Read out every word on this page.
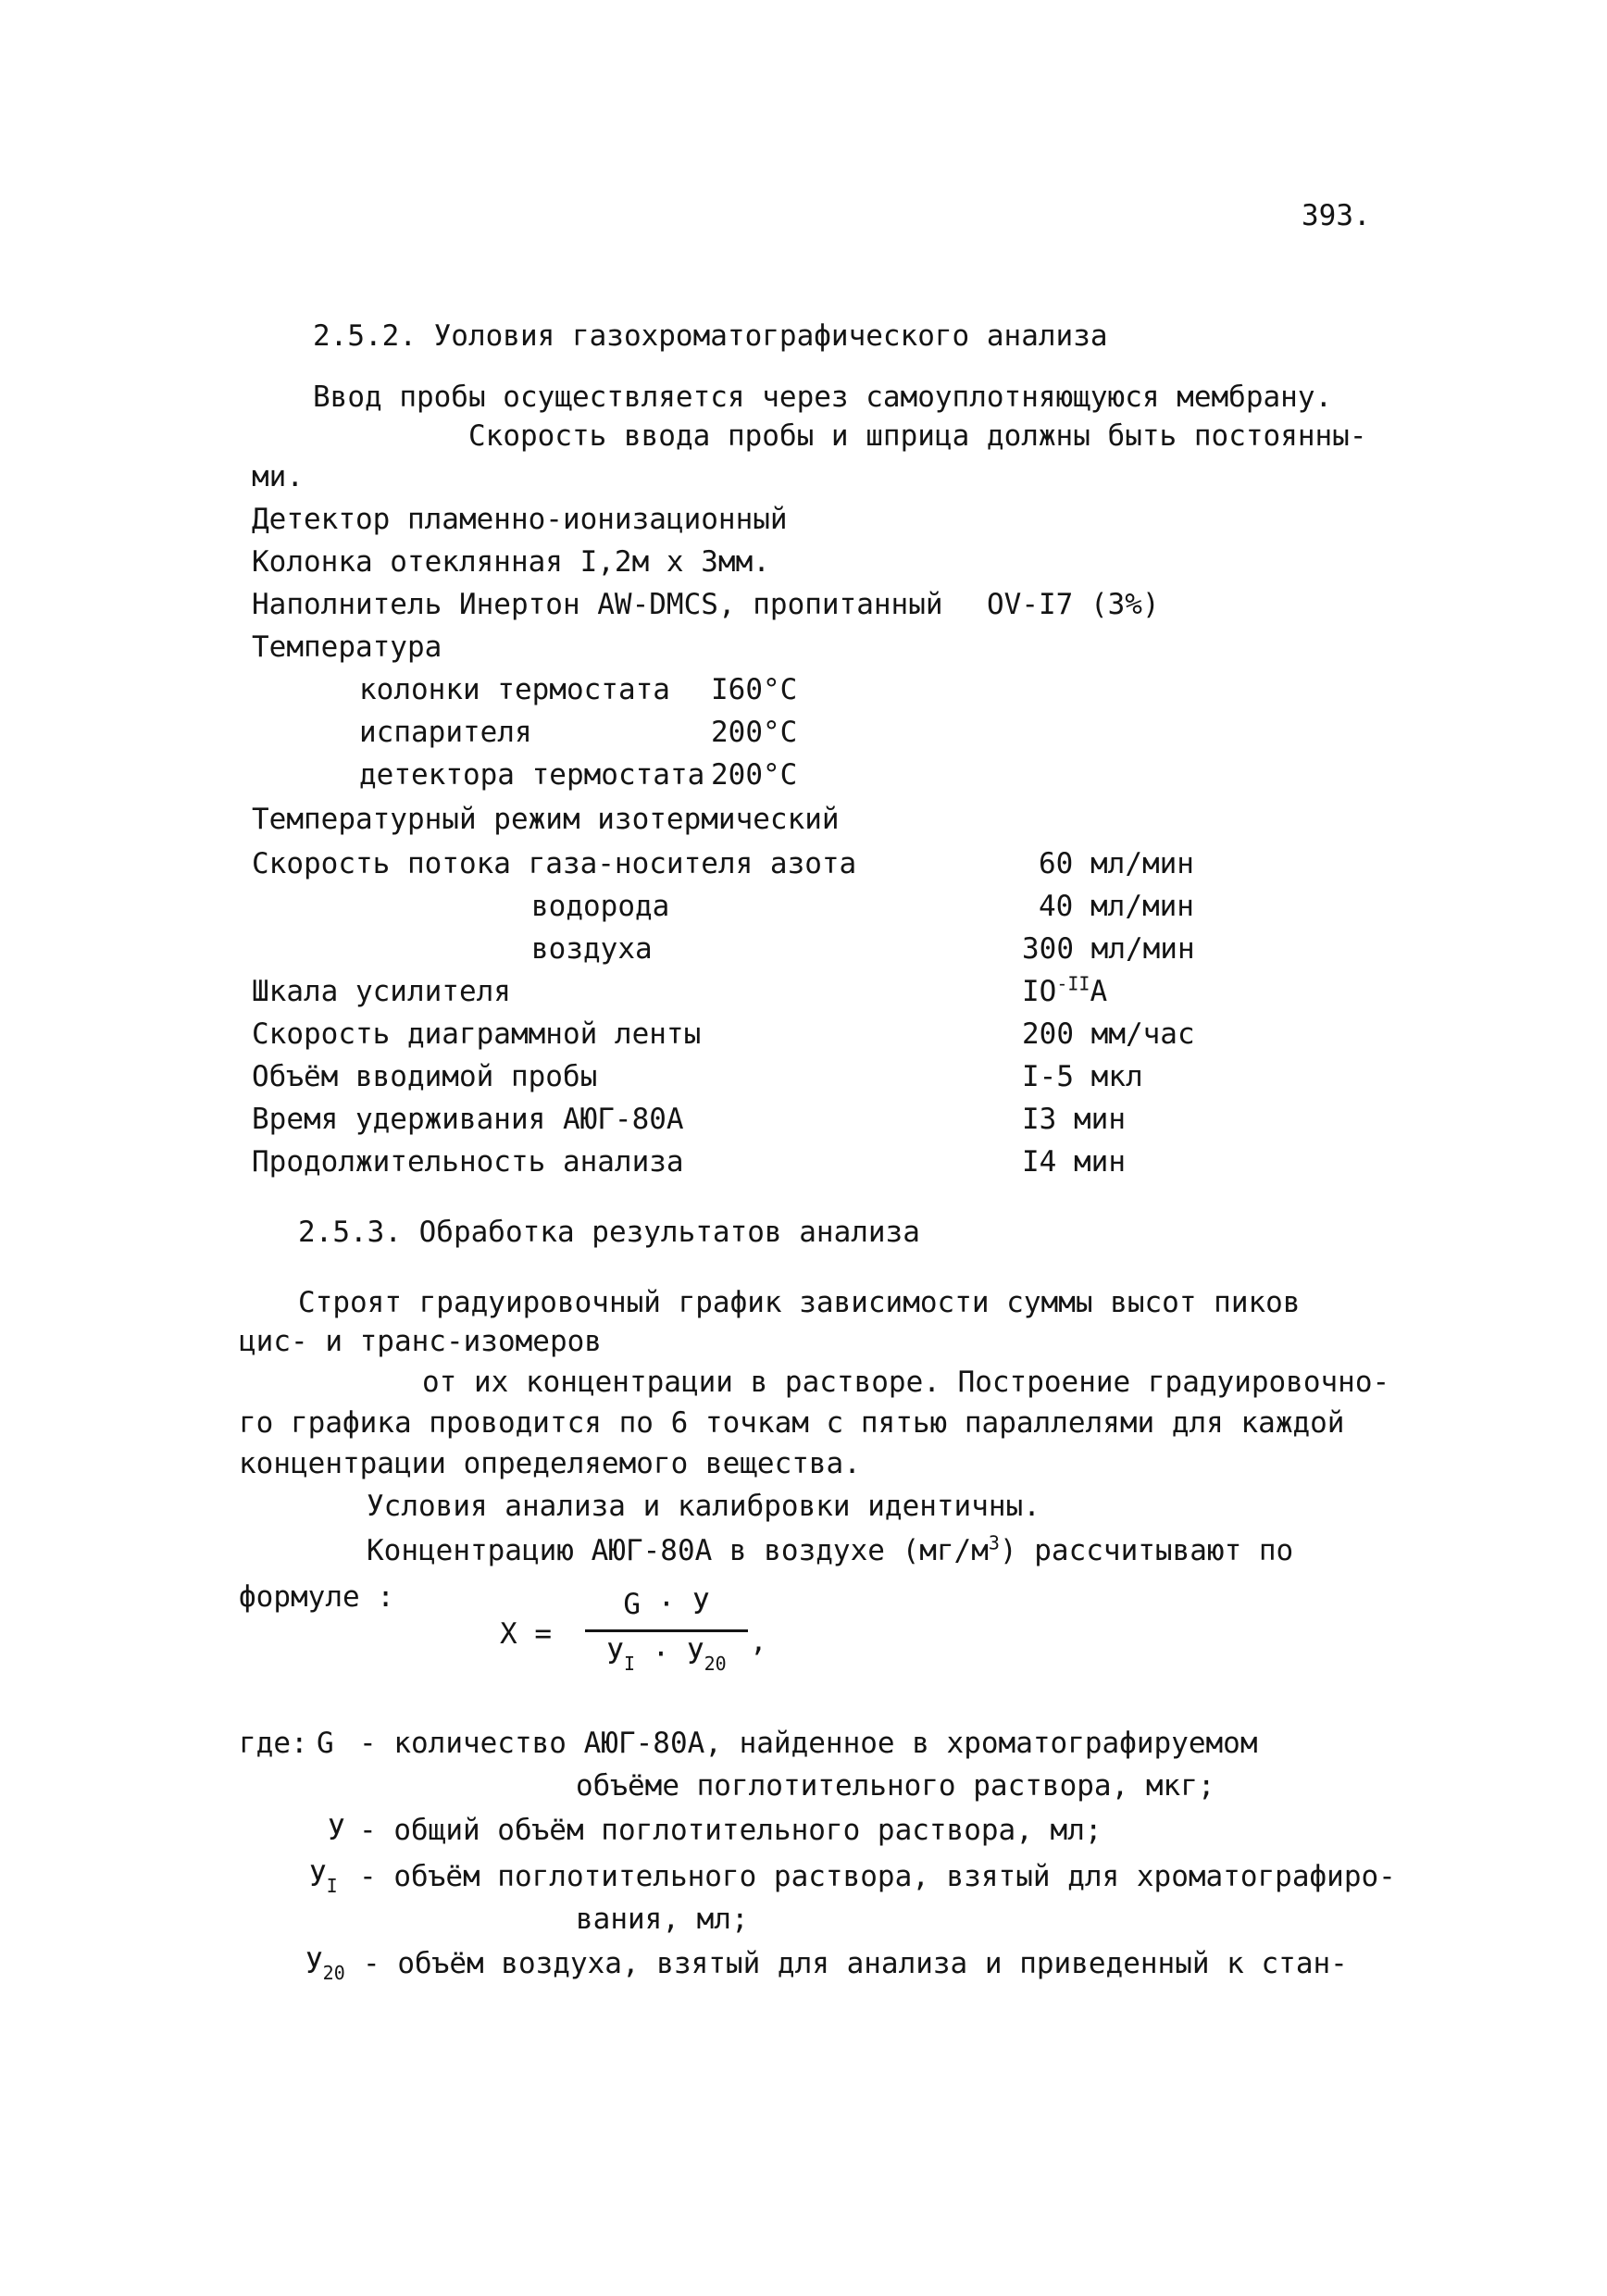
393.
2.5.2. Уоловия газохроматографического анализа
Ввод пробы осуществляется через самоуплотняющуюся мембрану.
Скорость ввода пробы и шприца должны быть постоянны-
ми.
Детектор пламенно-ионизационный
Колонка отеклянная I,2м х 3мм.
Наполнитель Инертон AW-DMCS, пропитанный OV-I7 (3%)
Температура
колонки термостата I60°C
испарителя	200°C
детектора термостата 200°C
Температурный режим изотермический
Скорость потока газа-носителя азота	60 мл/мин
водорода	40 мл/мин
воздуха	300 мл/мин
Шкала усилителя	$IO^{-II}A$
Скорость диаграммной ленты	200 мм/час
Объём вводимой пробы	I-5 мкл
Время удерживания АЮГ-80А	I3 мин
Продолжительность анализа	I4 мин
2.5.3. Обработка результатов анализа
Строят градуировочный график зависимости суммы высот пиков
цис- и транс-изомеров
от их концентрации в растворе. Построение градуировочно-
го графика проводится по 6 точкам с пятью параллелями для каждой
концентрации определяемого вещества.
Условия анализа и калибровки идентичны.
Концентрацию АЮГ-80А в воздухе $(мг/м^3)$ рассчитывают по
формуле :
X =
G · У
$У_I \cdot У_{20}$
,
где: G - количество АЮГ-80А, найденное в хроматографируемом
объёме поглотительного раствора, мкг;
У - общий объём поглотительного раствора, мл;
$У_I$ - объём поглотительного раствора, взятый для хроматографиро-
вания, мл;
$У_{20}$ - объём воздуха, взятый для анализа и приведенный к стан-
